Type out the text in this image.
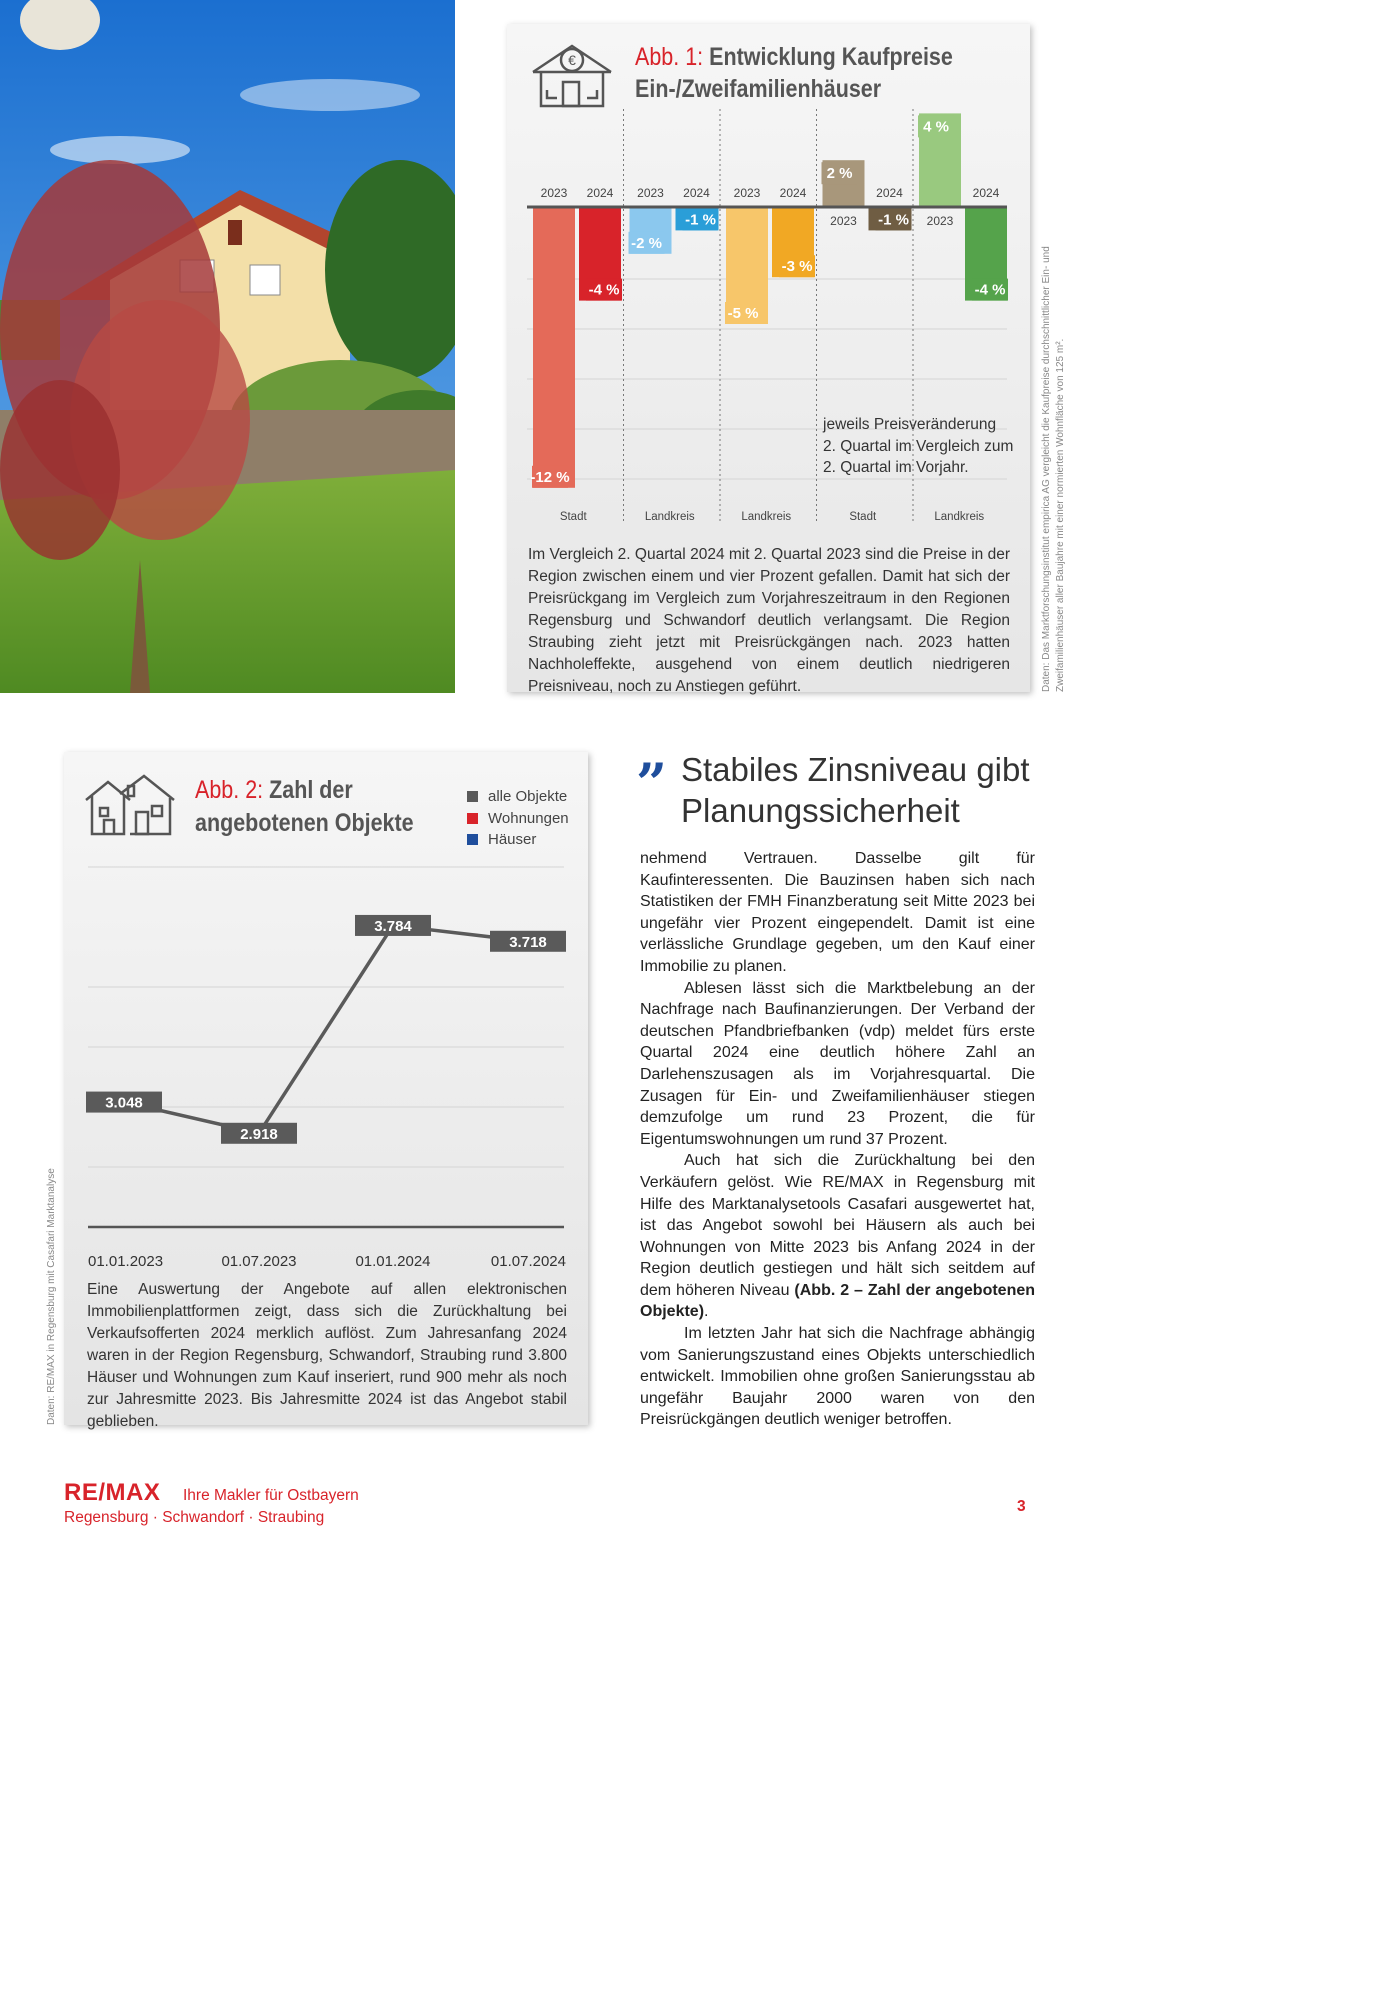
-12 %
2023
-4 %
2024
Stadt
-2 %
2023
-1 %
2024
Landkreis
-5 %
2023
-3 %
2024
Landkreis
2 %
2023 -1 %
2024
Stadt
4 %
2023
-4 %
2024
Landkreis
€ Abb. 1: Entwicklung Kaufpreise
Ein-/Zweifamilienhäuser
jeweils Preisveränderung
2. Quartal im Vergleich zum
2. Quartal im Vorjahr.
Im Vergleich 2. Quartal 2024 mit 2. Quartal 2023 sind die Preise in der Region zwischen einem und vier Prozent gefallen. Damit hat sich der Preisrückgang im Vergleich zum Vorjahreszeitraum in den Regionen Regensburg und Schwandorf deutlich verlangsamt. Die Region Straubing zieht jetzt mit Preisrückgängen nach. 2023 hatten Nachholeffekte, ausgehend von einem deutlich niedrigeren Preisniveau, noch zu Anstiegen geführt.	Daten: Das Marktforschungsinstitut empirica AG vergleicht die Kaufpreise durchschnittlicher Ein- und Zweifamilienhäuser aller Baujahre mit einer normierten Wohnfläche von 125 m².
01.01.2023	01.07.2023	01.01.2024	01.07.2024
3.048
2.918
3.784
3.718
Abb. 2: Zahl der
angebotenen Objekte
alle Objekte
Wohnungen
Häuser
Eine Auswertung der Angebote auf allen elektronischen Immobilienplattformen zeigt, dass sich die Zurückhaltung bei Verkaufsofferten 2024 merklich auflöst. Zum Jahresanfang 2024 waren in der Region Regensburg, Schwandorf, Straubing rund 3.800 Häuser und Wohnungen zum Kauf inseriert, rund 900 mehr als noch zur Jahresmitte 2023. Bis Jahresmitte 2024 ist das Angebot stabil geblieben.
Daten: RE/MAX in Regensburg mit Casafari Marktanalyse
” Stabiles Zinsniveau gibt
Planungssicherheit

nehmend Vertrauen. Dasselbe gilt für Kaufinteressenten. Die Bauzinsen haben sich nach Statistiken der FMH Finanzberatung seit Mitte 2023 bei ungefähr vier Prozent eingependelt. Damit ist eine verlässliche Grundlage gegeben, um den Kauf einer Immobilie zu planen.

Ablesen lässt sich die Marktbelebung an der Nachfrage nach Baufinanzierungen. Der Verband der deutschen Pfandbriefbanken (vdp) meldet fürs erste Quartal 2024 eine deutlich höhere Zahl an Darlehenszusagen als im Vorjahresquartal. Die Zusagen für Ein- und Zweifamilienhäuser stiegen demzufolge um rund 23 Prozent, die für Eigentumswohnungen um rund 37 Prozent.

Auch hat sich die Zurückhaltung bei den Verkäufern gelöst. Wie RE/MAX in Regensburg mit Hilfe des Marktanalysetools Casafari ausgewertet hat, ist das Angebot sowohl bei Häusern als auch bei Wohnungen von Mitte 2023 bis Anfang 2024 in der Region deutlich gestiegen und hält sich seitdem auf dem höheren Niveau (Abb. 2 – Zahl der angebotenen Objekte).

Im letzten Jahr hat sich die Nachfrage abhängig vom Sanierungszustand eines Objekts unterschiedlich entwickelt. Immobilien ohne großen Sanierungsstau ab ungefähr Baujahr 2000 waren von den Preisrückgängen deutlich weniger betroffen.

RE/MAX Ihre Makler für Ostbayern
Regensburg · Schwandorf · Straubing
3
